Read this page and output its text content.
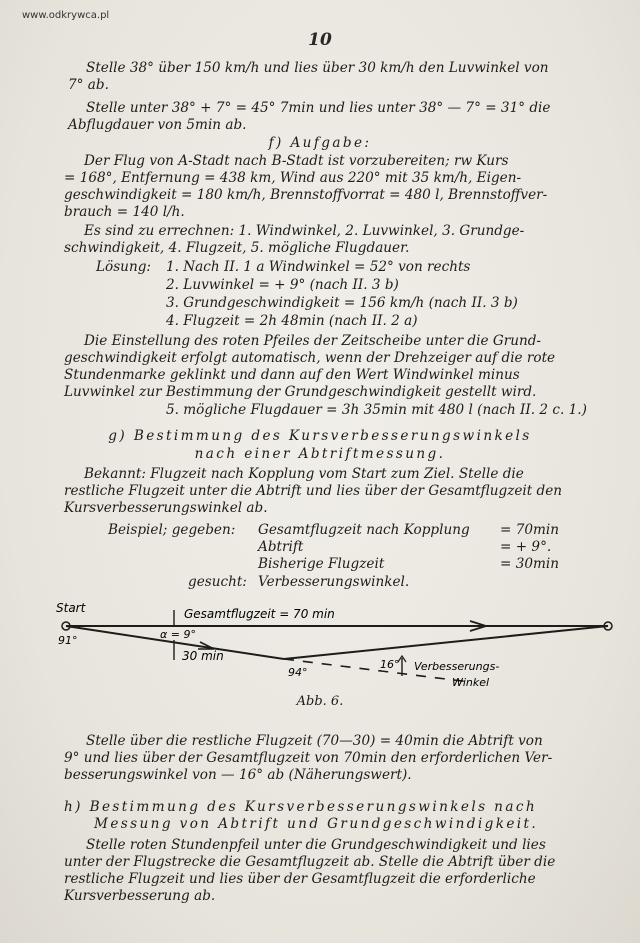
www.odkrywca.pl
10
Stelle 38° über 150 km/h und lies über 30 km/h den Luvwinkel von
7° ab.
Stelle unter 38° + 7° = 45° 7min und lies unter 38° — 7° = 31° die
Abflugdauer von 5min ab.
f) Aufgabe:
Der Flug von A-Stadt nach B-Stadt ist vorzubereiten; rw Kurs
= 168°, Entfernung = 438 km, Wind aus 220° mit 35 km/h, Eigen-
geschwindigkeit = 180 km/h, Brennstoffvorrat = 480 l, Brennstoffver-
brauch = 140 l/h.
Es sind zu errechnen: 1. Windwinkel, 2. Luvwinkel, 3. Grundge-
schwindigkeit, 4. Flugzeit, 5. mögliche Flugdauer.
Lösung: 1. Nach II. 1 a Windwinkel = 52° von rechts
2. Luvwinkel = + 9° (nach II. 3 b)
3. Grundgeschwindigkeit = 156 km/h (nach II. 3 b)
4. Flugzeit = 2h 48min (nach II. 2 a)
Die Einstellung des roten Pfeiles der Zeitscheibe unter die Grund-
geschwindigkeit erfolgt automatisch, wenn der Drehzeiger auf die rote
Stundenmarke geklinkt und dann auf den Wert Windwinkel minus
Luvwinkel zur Bestimmung der Grundgeschwindigkeit gestellt wird.
5. mögliche Flugdauer = 3h 35min mit 480 l (nach II. 2 c. 1.)
g) Bestimmung des Kursverbesserungswinkels
nach einer Abtriftmessung.
Bekannt: Flugzeit nach Kopplung vom Start zum Ziel. Stelle die
restliche Flugzeit unter die Abtrift und lies über der Gesamtflugzeit den
Kursverbesserungswinkel ab.
Beispiel; gegeben: Gesamtflugzeit nach Kopplung = 70min
Abtrift	= + 9°.
Bisherige Flugzeit	= 30min
gesucht: Verbesserungswinkel.
Start	Gesamtflugzeit = 70 min
91°	α = 9°
30 min
94°
16° Verbesserungs-
Winkel
Abb. 6.
Stelle über die restliche Flugzeit (70—30) = 40min die Abtrift von
9° und lies über der Gesamtflugzeit von 70min den erforderlichen Ver-
besserungswinkel von — 16° ab (Näherungswert).
h) Bestimmung des Kursverbesserungswinkels nach
Messung von Abtrift und Grundgeschwindigkeit.
Stelle roten Stundenpfeil unter die Grundgeschwindigkeit und lies
unter der Flugstrecke die Gesamtflugzeit ab. Stelle die Abtrift über die
restliche Flugzeit und lies über der Gesamtflugzeit die erforderliche
Kursverbesserung ab.
